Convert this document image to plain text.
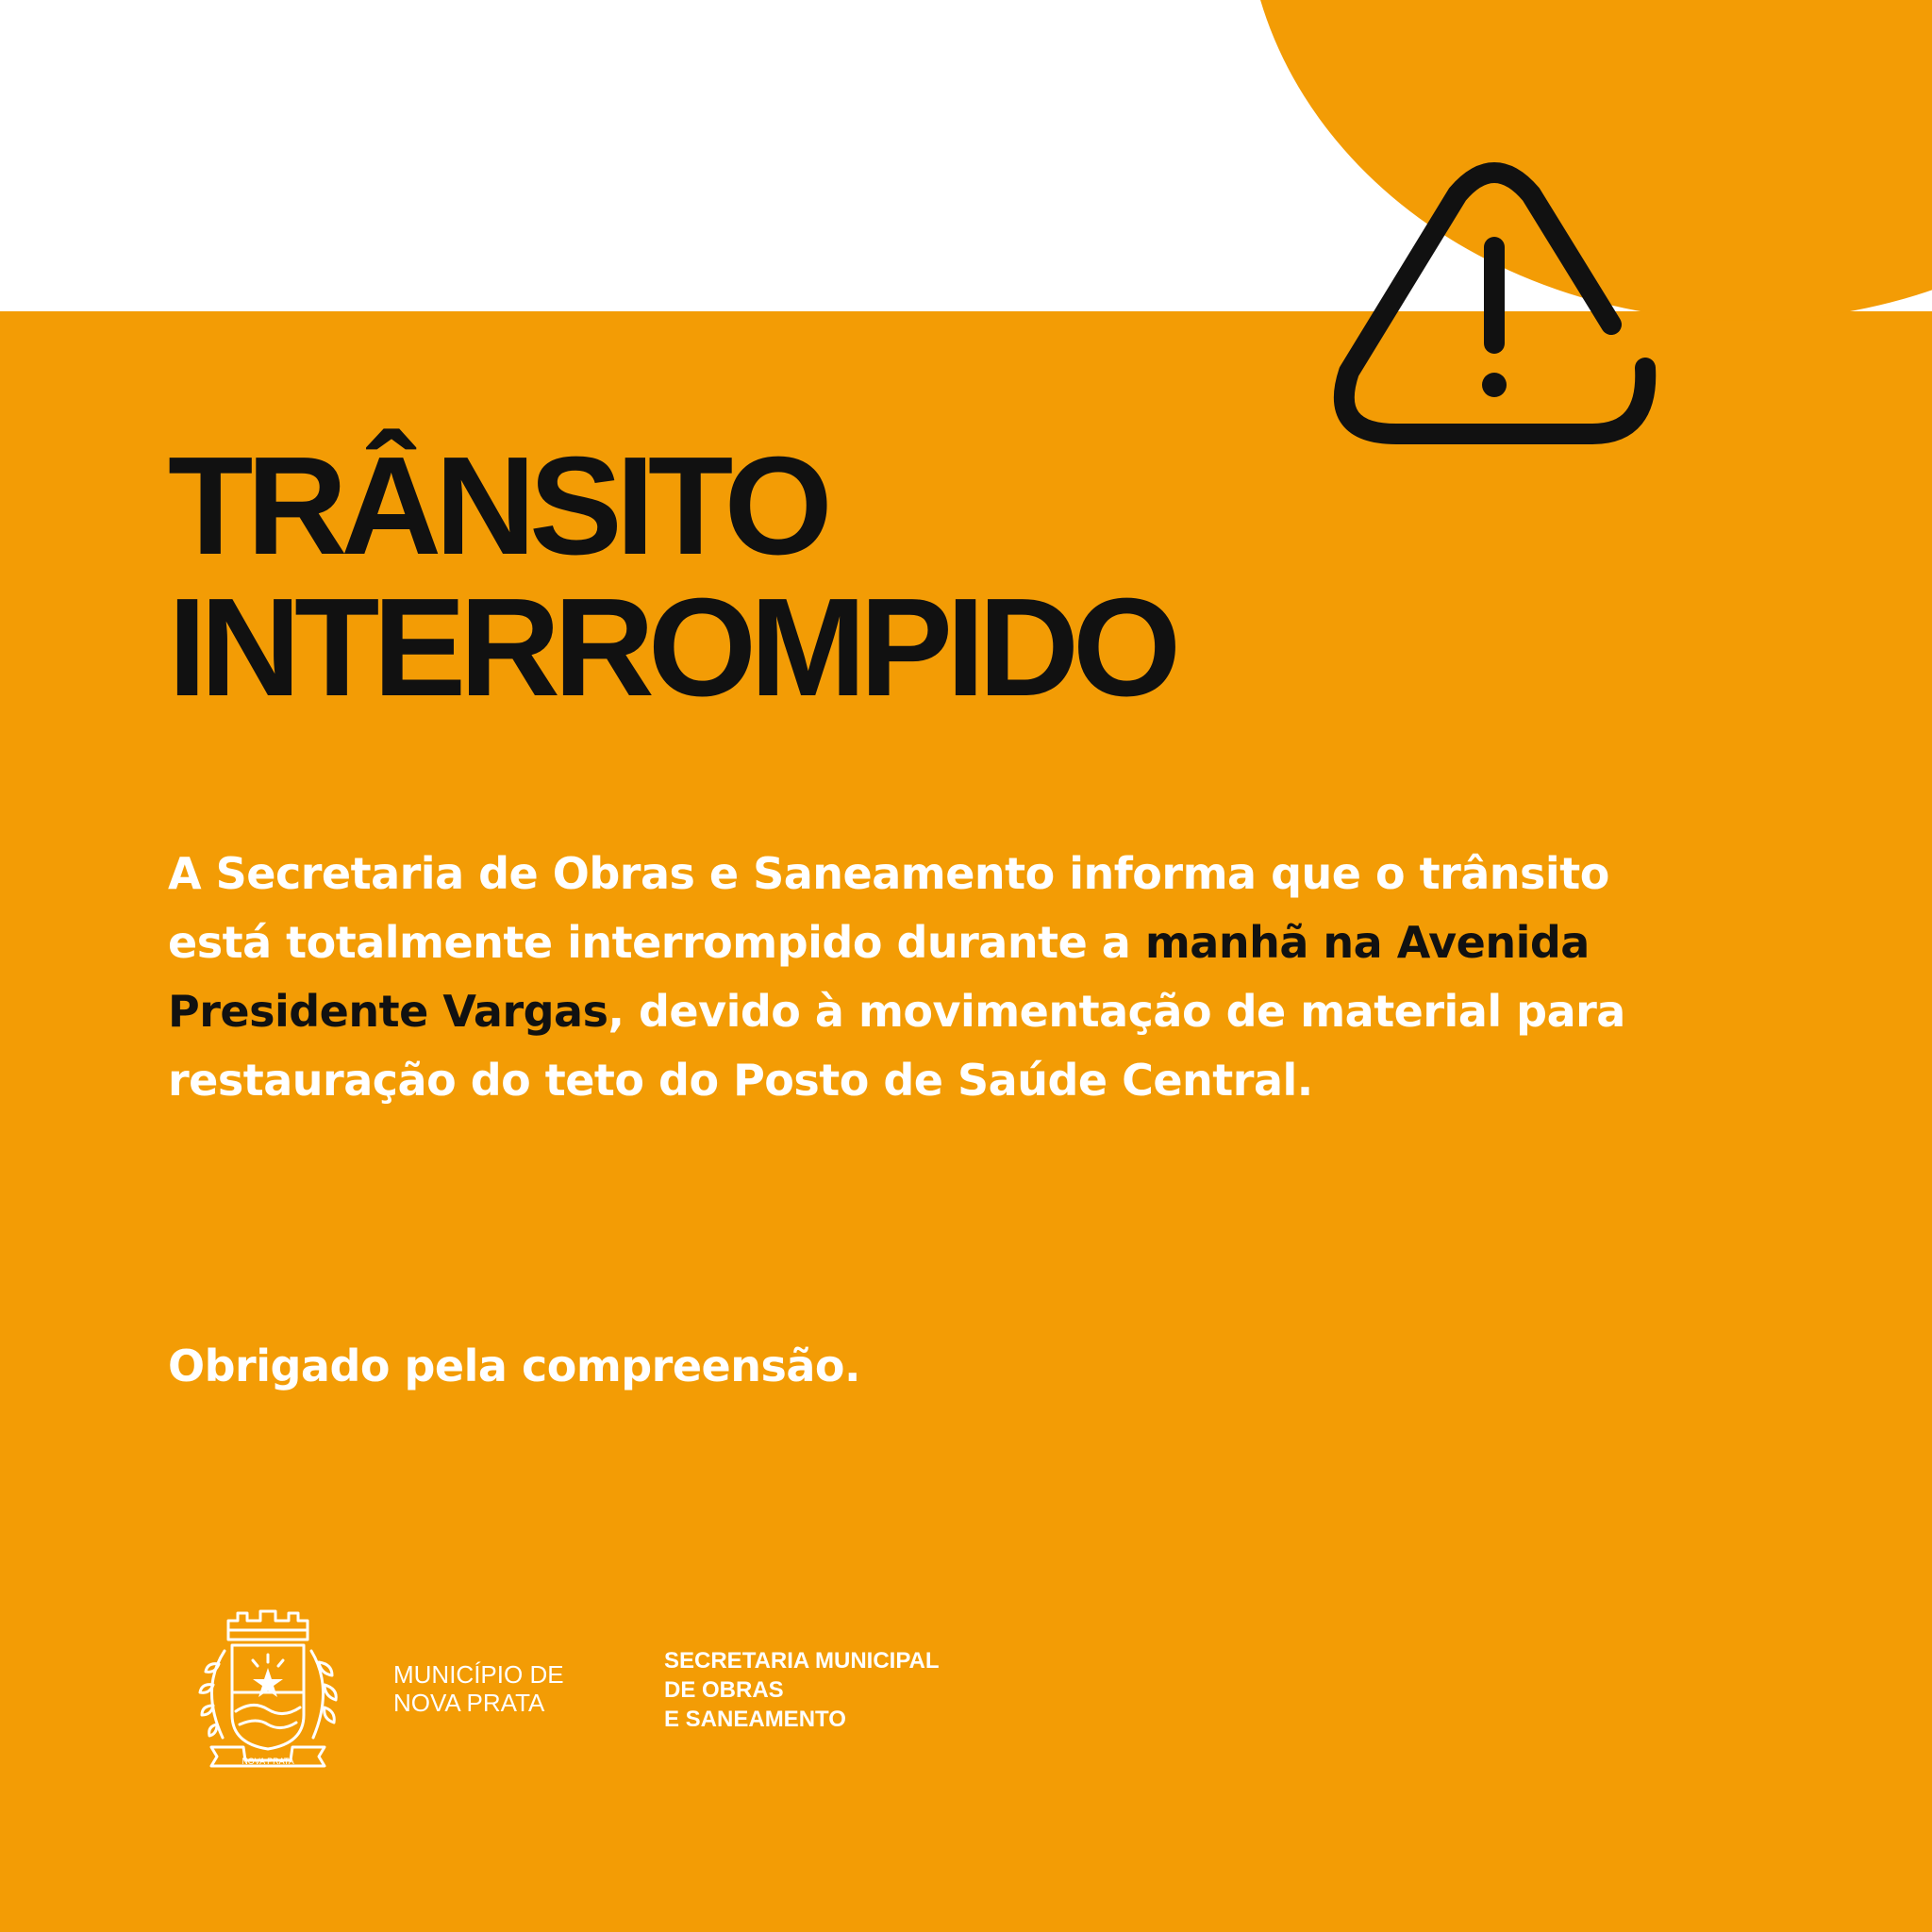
TRÂNSITO
INTERROMPIDO

A Secretaria de Obras e Saneamento informa que o trânsito está totalmente interrompido durante a manhã na Avenida Presidente Vargas, devido à movimentação de material para restauração do teto do Posto de Saúde Central.

Obrigado pela compreensão.

NOVA PRATA
MUNICÍPIO DE
NOVA PRATA
SECRETARIA MUNICIPAL
DE OBRAS
E SANEAMENTO
